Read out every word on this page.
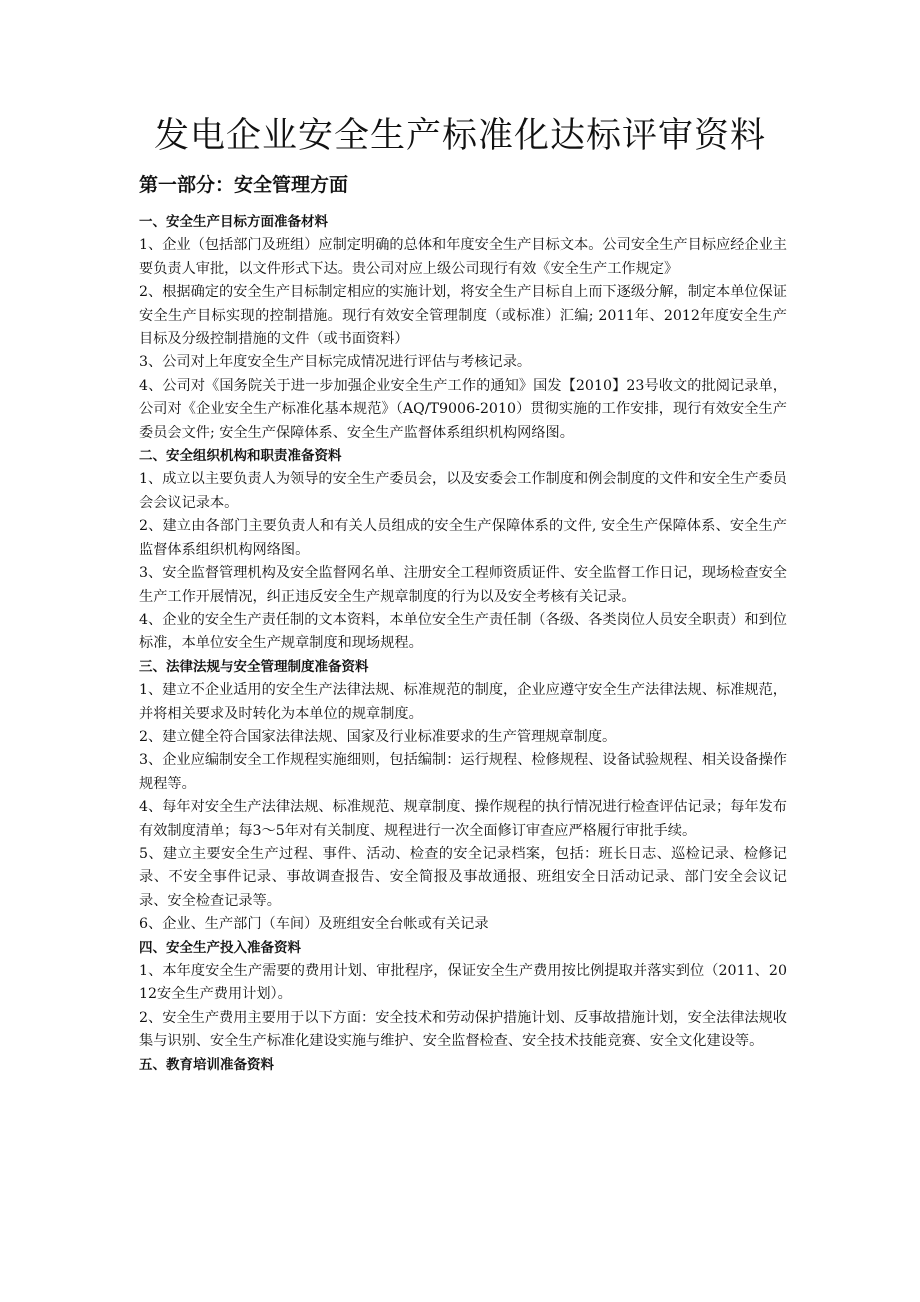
发电企业安全生产标准化达标评审资料
第一部分：安全管理方面

一、安全生产目标方面准备材料

1、企业（包括部门及班组）应制定明确的总体和年度安全生产目标文本。公司安全生产目标应经企业主要负责人审批，以文件形式下达。贵公司对应上级公司现行有效《安全生产工作规定》

2、根据确定的安全生产目标制定相应的实施计划，将安全生产目标自上而下逐级分解，制定本单位保证安全生产目标实现的控制措施。现行有效安全管理制度（或标准）汇编; 2011年、2012年度安全生产目标及分级控制措施的文件（或书面资料）

3、公司对上年度安全生产目标完成情况进行评估与考核记录。

4、公司对《国务院关于进一步加强企业安全生产工作的通知》国发【2010】23号收文的批阅记录单，公司对《企业安全生产标准化基本规范》（AQ/T9006-2010）贯彻实施的工作安排，现行有效安全生产委员会文件; 安全生产保障体系、安全生产监督体系组织机构网络图。

二、安全组织机构和职责准备资料

1、成立以主要负责人为领导的安全生产委员会，以及安委会工作制度和例会制度的文件和安全生产委员会会议记录本。

2、建立由各部门主要负责人和有关人员组成的安全生产保障体系的文件, 安全生产保障体系、安全生产监督体系组织机构网络图。

3、安全监督管理机构及安全监督网名单、注册安全工程师资质证件、安全监督工作日记，现场检查安全生产工作开展情况，纠正违反安全生产规章制度的行为以及安全考核有关记录。

4、企业的安全生产责任制的文本资料，本单位安全生产责任制（各级、各类岗位人员安全职责）和到位标准，本单位安全生产规章制度和现场规程。

三、法律法规与安全管理制度准备资料

1、建立不企业适用的安全生产法律法规、标准规范的制度，企业应遵守安全生产法律法规、标准规范，并将相关要求及时转化为本单位的规章制度。

2、建立健全符合国家法律法规、国家及行业标准要求的生产管理规章制度。

3、企业应编制安全工作规程实施细则，包括编制：运行规程、检修规程、设备试验规程、相关设备操作规程等。

4、每年对安全生产法律法规、标准规范、规章制度、操作规程的执行情况进行检查评估记录；每年发布有效制度清单；每3～5年对有关制度、规程进行一次全面修订审查应严格履行审批手续。

5、建立主要安全生产过程、事件、活动、检查的安全记录档案，包括：班长日志、巡检记录、检修记录、不安全事件记录、事故调查报告、安全简报及事故通报、班组安全日活动记录、部门安全会议记录、安全检查记录等。

6、企业、生产部门（车间）及班组安全台帐或有关记录

四、安全生产投入准备资料

1、本年度安全生产需要的费用计划、审批程序，保证安全生产费用按比例提取并落实到位（2011、2012安全生产费用计划）。

2、安全生产费用主要用于以下方面：安全技术和劳动保护措施计划、反事故措施计划，安全法律法规收集与识别、安全生产标准化建设实施与维护、安全监督检查、安全技术技能竞赛、安全文化建设等。

五、教育培训准备资料
